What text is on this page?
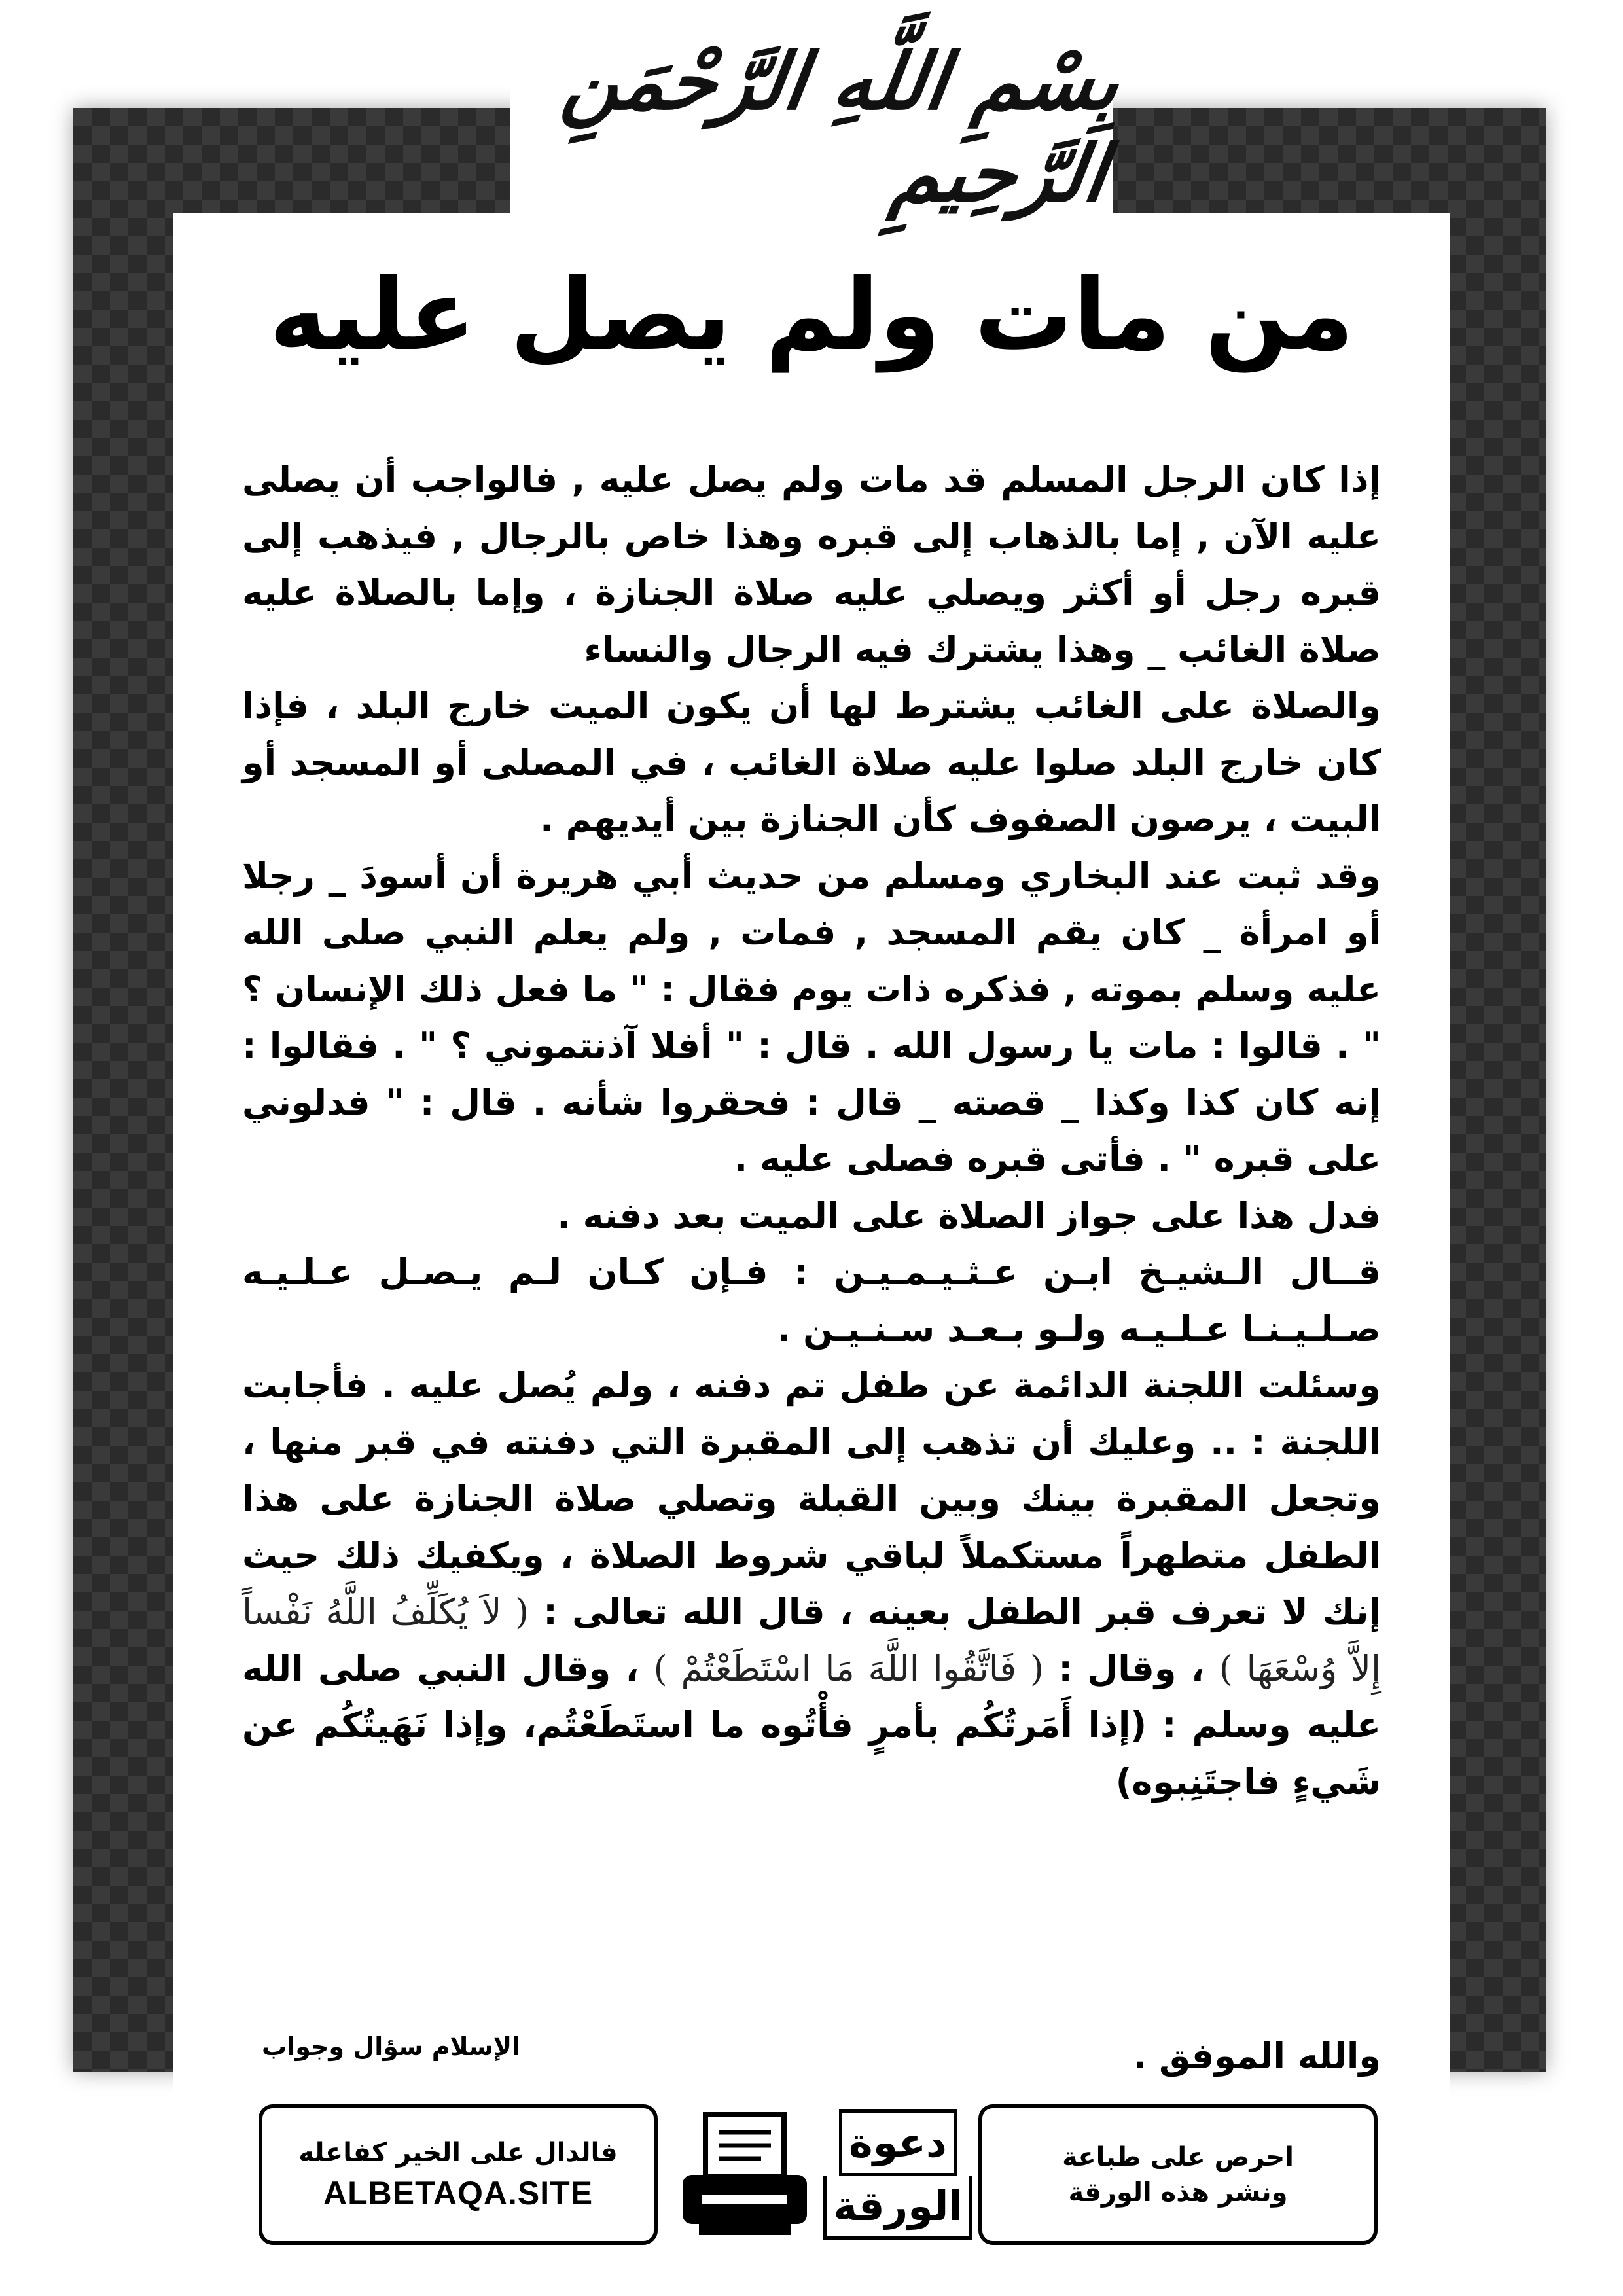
بِسْمِ اللَّهِ الرَّحْمَنِ الرَّحِيمِ
من مات ولم يصل عليه

إذا كان الرجل المسلم قد مات ولم يصل عليه , فالواجب أن يصلى عليه الآن , إما بالذهاب إلى قبره وهذا خاص بالرجال , فيذهب إلى قبره رجل أو أكثر ويصلي عليه صلاة الجنازة ، وإما بالصلاة عليه صلاة الغائب _ وهذا يشترك فيه الرجال والنساء

والصلاة على الغائب يشترط لها أن يكون الميت خارج البلد ، فإذا كان خارج البلد صلوا عليه صلاة الغائب ، في المصلى أو المسجد أو البيت ، يرصون الصفوف كأن الجنازة بين أيديهم .

وقد ثبت عند البخاري ومسلم من حديث أبي هريرة أن أسودَ _ رجلا أو امرأة _ كان يقم المسجد , فمات , ولم يعلم النبي صلى الله عليه وسلم بموته , فذكره ذات يوم فقال : " ما فعل ذلك الإنسان ؟ " . قالوا : مات يا رسول الله . قال : " أفلا آذنتموني ؟ " . فقالوا : إنه كان كذا وكذا _ قصته _ قال : فحقروا شأنه . قال : " فدلوني على قبره " . فأتى قبره فصلى عليه .

فدل هذا على جواز الصلاة على الميت بعد دفنه .

قــال الـشيـخ ابـن عـثـيـمـيـن : فـإن كـان لـم يـصـل عـلـيـه صـلـيـنـا عـلـيـه ولـو بـعـد سـنـيـن .

وسئلت اللجنة الدائمة عن طفل تم دفنه ، ولم يُصل عليه . فأجابت اللجنة : .. وعليك أن تذهب إلى المقبرة التي دفنته في قبر منها ، وتجعل المقبرة بينك وبين القبلة وتصلي صلاة الجنازة على هذا الطفل متطهراً مستكملاً لباقي شروط الصلاة ، ويكفيك ذلك حيث إنك لا تعرف قبر الطفل بعينه ، قال الله تعالى : ( لاَ يُكَلِّفُ اللَّهُ نَفْساً إِلاَّ وُسْعَهَا ) ، وقال : ( فَاتَّقُوا اللَّهَ مَا اسْتَطَعْتُمْ ) ، وقال النبي صلى الله عليه وسلم : (إذا أَمَرتُكُم بأمرٍ فأْتُوه ما استَطَعْتُم، وإذا نَهَيتُكُم عن شَيءٍ فاجتَنِبوه)

والله الموفق .
الإسلام سؤال وجواب
فالدال على الخير كفاعله
ALBETAQA.SITE
دعوة
الورقة
احرص على طباعة
ونشر هذه الورقة
